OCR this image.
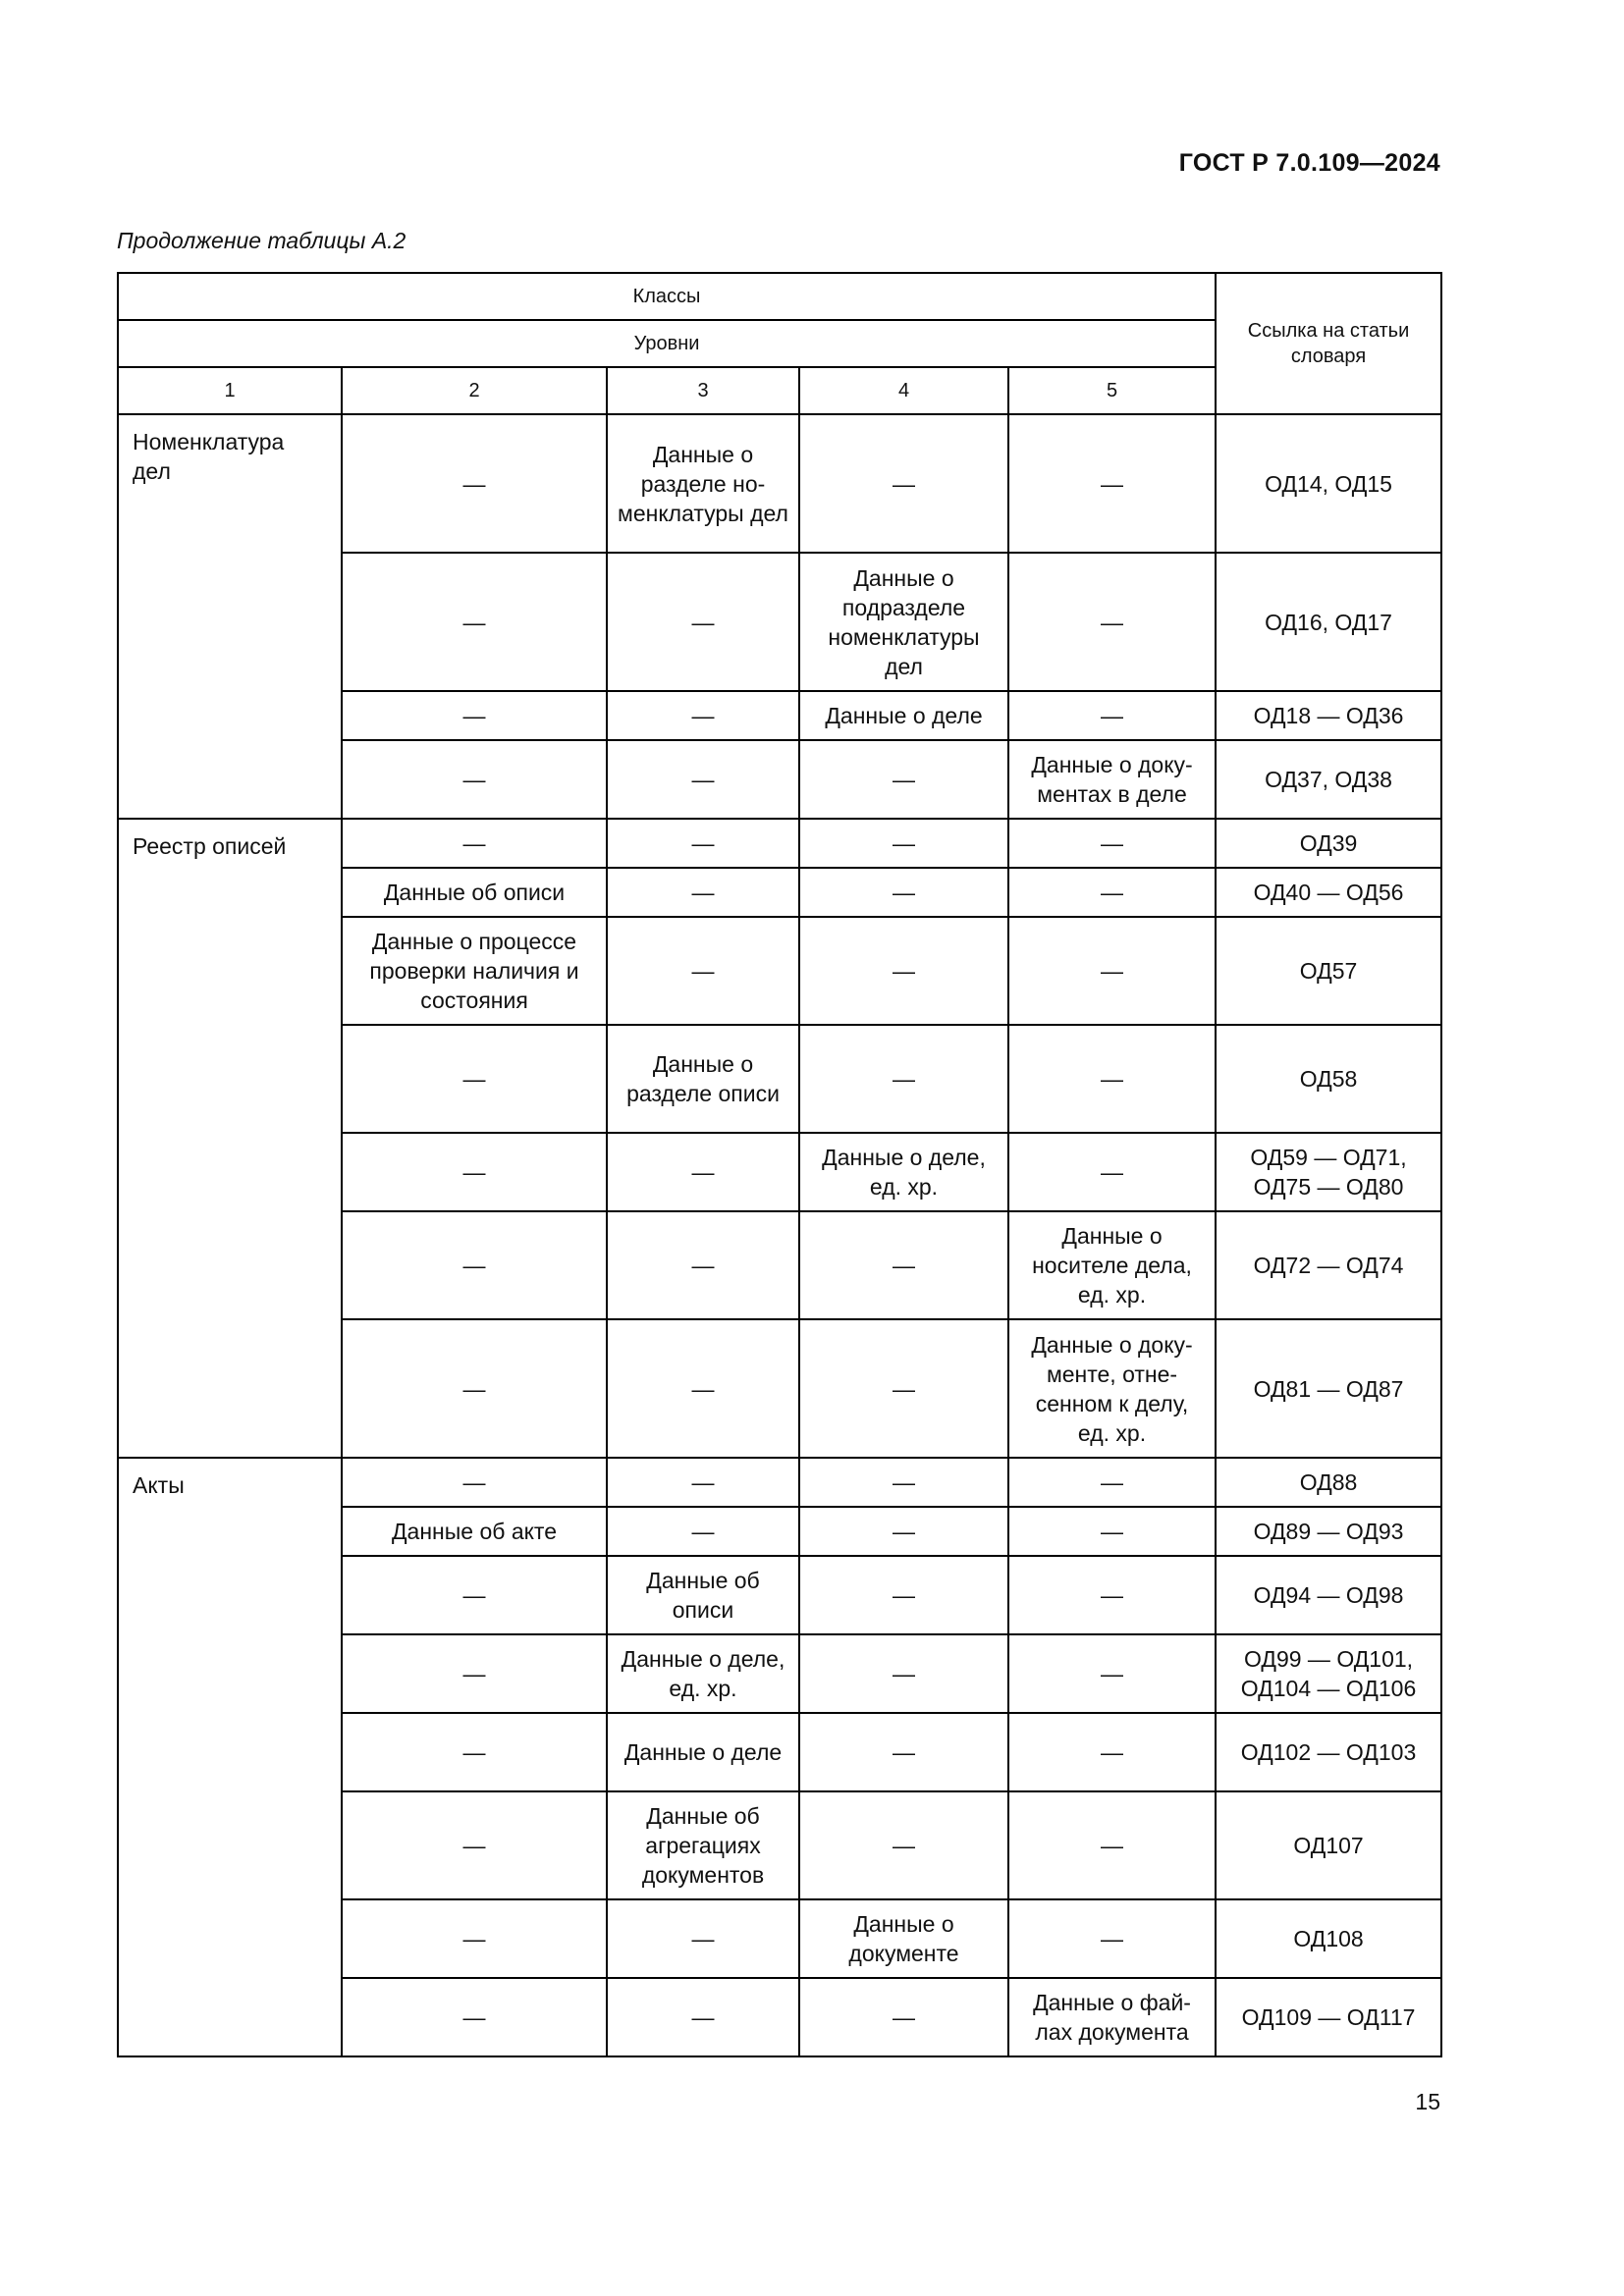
ГОСТ Р 7.0.109—2024
Продолжение таблицы А.2
Классы					Ссылка на статьи словаря
Уровни					
1	2	3	4	5	
Номенклатура дел	—	Данные о разделе но-менклатуры дел	—	—	ОД14, ОД15
	—	—	Данные о подразделе номенклатуры дел	—	ОД16, ОД17
	—	—	Данные о деле	—	ОД18 — ОД36
	—	—	—	Данные о доку-ментах в деле	ОД37, ОД38
Реестр описей	—	—	—	—	ОД39
	Данные об описи	—	—	—	ОД40 — ОД56
	Данные о процессе проверки наличия и состояния	—	—	—	ОД57
	—	Данные о разделе описи	—	—	ОД58
	—	—	Данные о деле, ед. хр.	—	ОД59 — ОД71, ОД75 — ОД80
	—	—	—	Данные о носителе дела, ед. хр.	ОД72 — ОД74
	—	—	—	Данные о доку-менте, отне-сенном к делу, ед. хр.	ОД81 — ОД87
Акты	—	—	—	—	ОД88
	Данные об акте	—	—	—	ОД89 — ОД93
	—	Данные об описи	—	—	ОД94 — ОД98
	—	Данные о деле, ед. хр.	—	—	ОД99 — ОД101, ОД104 — ОД106
	—	Данные о деле	—	—	ОД102 — ОД103
	—	Данные об агрегациях документов	—	—	ОД107
	—	—	Данные о документе	—	ОД108
	—	—	—	Данные о фай-лах документа	ОД109 — ОД117
15
